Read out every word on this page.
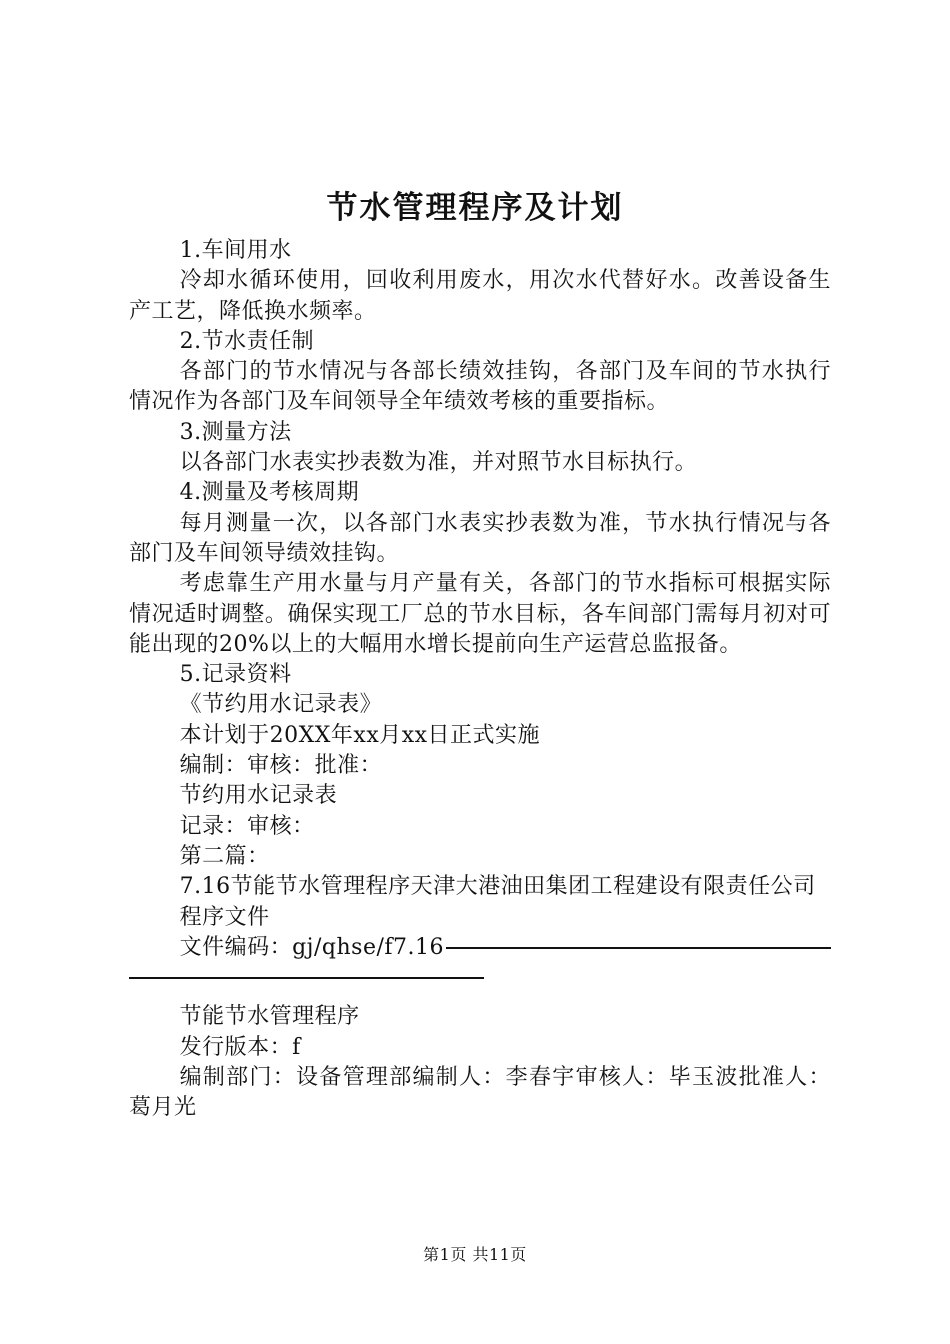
节水管理程序及计划

1.车间用水

冷却水循环使用，回收利用废水，用次水代替好水。改善设备生产工艺，降低换水频率。

2.节水责任制

各部门的节水情况与各部长绩效挂钩，各部门及车间的节水执行情况作为各部门及车间领导全年绩效考核的重要指标。

3.测量方法

以各部门水表实抄表数为准，并对照节水目标执行。

4.测量及考核周期

每月测量一次，以各部门水表实抄表数为准，节水执行情况与各部门及车间领导绩效挂钩。

考虑靠生产用水量与月产量有关，各部门的节水指标可根据实际情况适时调整。确保实现工厂总的节水目标，各车间部门需每月初对可能出现的20%以上的大幅用水增长提前向生产运营总监报备。

5.记录资料

《节约用水记录表》

本计划于20XX年xx月xx日正式实施

编制：审核：批准：

节约用水记录表

记录：审核：

第二篇：

7.16节能节水管理程序天津大港油田集团工程建设有限责任公司

程序文件

文件编码：gj/qhse/f7.16

节能节水管理程序

发行版本：f

编制部门：设备管理部编制人：李春宇审核人：毕玉波批准人：葛月光

第1页 共11页
